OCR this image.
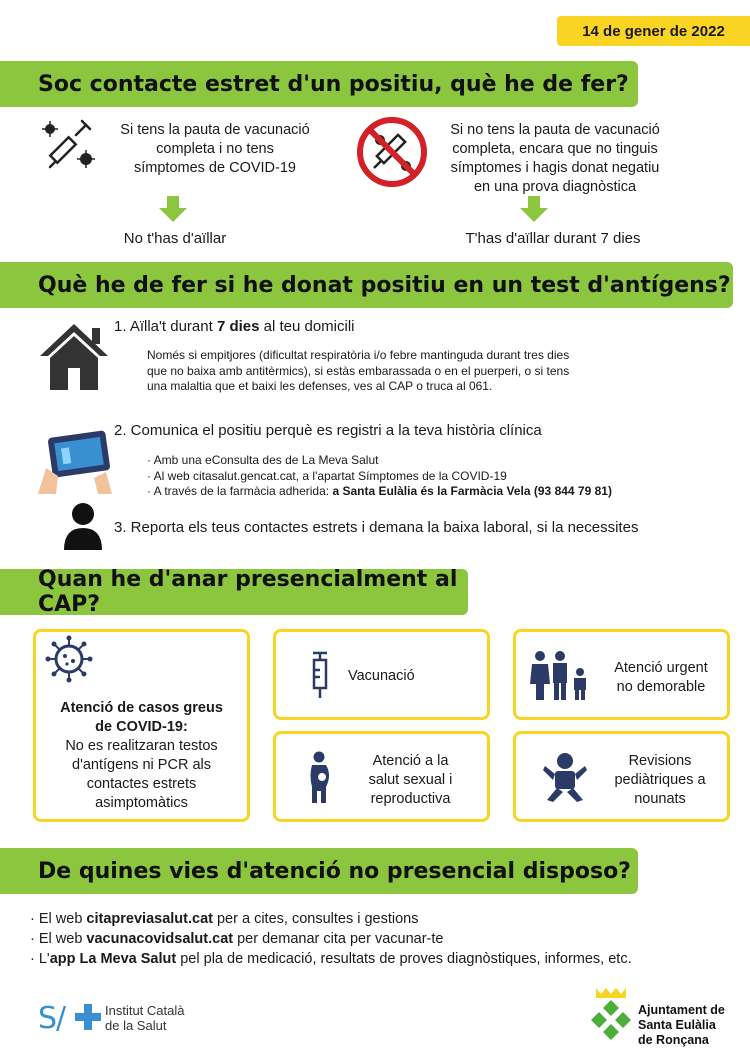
14 de gener de 2022
Soc contacte estret d'un positiu, què he de fer?
Si tens la pauta de vacunació
completa i no tens
símptomes de COVID-19
Si no tens la pauta de vacunació
completa, encara que no tinguis
símptomes i hagis donat negatiu
en una prova diagnòstica
No t'has d'aïllar	T'has d'aïllar durant 7 dies
Què he de fer si he donat positiu en un test d'antígens?
1. Aïlla't durant 7 dies al teu domicili
Només si empitjores (dificultat respiratòria i/o febre mantinguda durant tres dies
que no baixa amb antitèrmics), si estàs embarassada o en el puerperi, o si tens
una malaltia que et baixi les defenses, ves al CAP o truca al 061.
2. Comunica el positiu perquè es registri a la teva història clínica
· Amb una eConsulta des de La Meva Salut
· Al web citasalut.gencat.cat, a l'apartat Símptomes de la COVID-19
· A través de la farmàcia adherida: a Santa Eulàlia és la Farmàcia Vela (93 844 79 81)
3. Reporta els teus contactes estrets i demana la baixa laboral, si la necessites
Quan he d'anar presencialment al CAP?
Atenció de casos greus
de COVID-19:
No es realitzaran testos
d'antígens ni PCR als
contactes estrets
asimptomàtics
Vacunació	Atenció urgent
no demorable
Atenció a la
salut sexual i
reproductiva
Revisions
pediàtriques a
nounats
De quines vies d'atenció no presencial disposo?
· El web citapreviasalut.cat per a cites, consultes i gestions
· El web vacunacovidsalut.cat per demanar cita per vacunar-te
· L'app La Meva Salut pel pla de medicació, resultats de proves diagnòstiques, informes, etc.
S/	Institut Català
de la Salut
Ajuntament de
Santa Eulàlia
de Ronçana
